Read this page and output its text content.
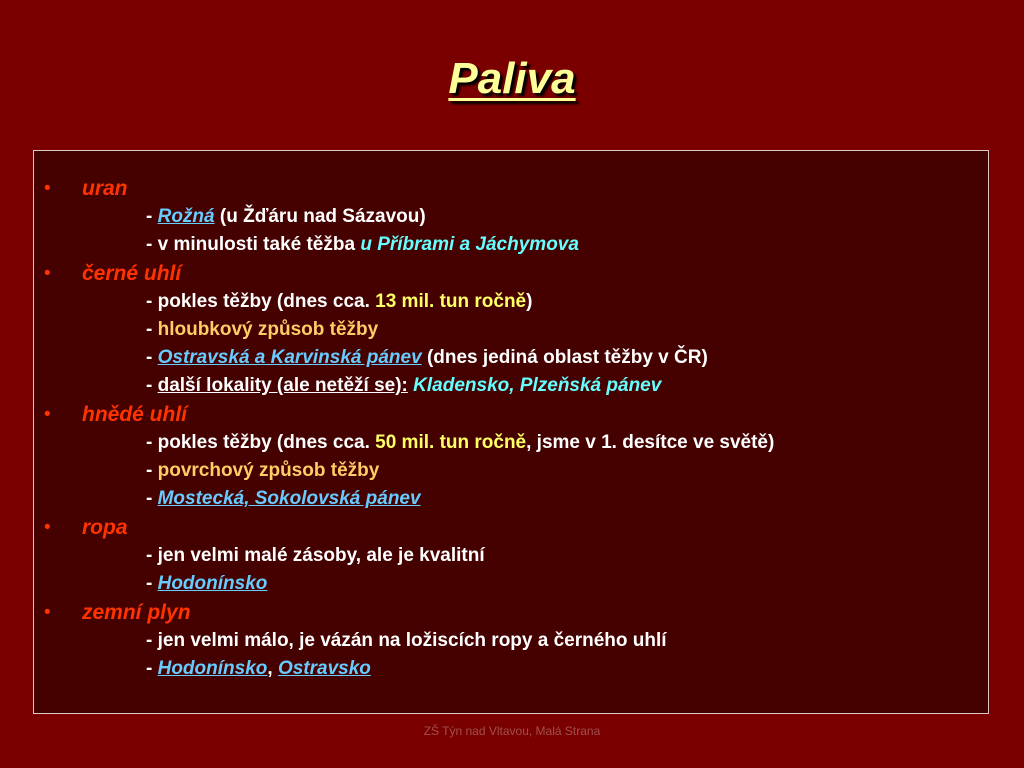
Paliva
•	uran
- Rožná (u Žďáru nad Sázavou)
- v minulosti také těžba u Příbrami a Jáchymova
•	černé uhlí
- pokles těžby (dnes cca. 13 mil. tun ročně)
- hloubkový způsob těžby
- Ostravská a Karvinská pánev (dnes jediná oblast těžby v ČR)
- další lokality (ale netěží se): Kladensko, Plzeňská pánev
•	hnědé uhlí
- pokles těžby (dnes cca. 50 mil. tun ročně, jsme v 1. desítce ve světě)
- povrchový způsob těžby
- Mostecká, Sokolovská pánev
•	ropa
- jen velmi malé zásoby, ale je kvalitní
- Hodonínsko
•	zemní plyn
- jen velmi málo, je vázán na ložiscích ropy a černého uhlí
- Hodonínsko, Ostravsko
ZŠ Týn nad Vltavou, Malá Strana
